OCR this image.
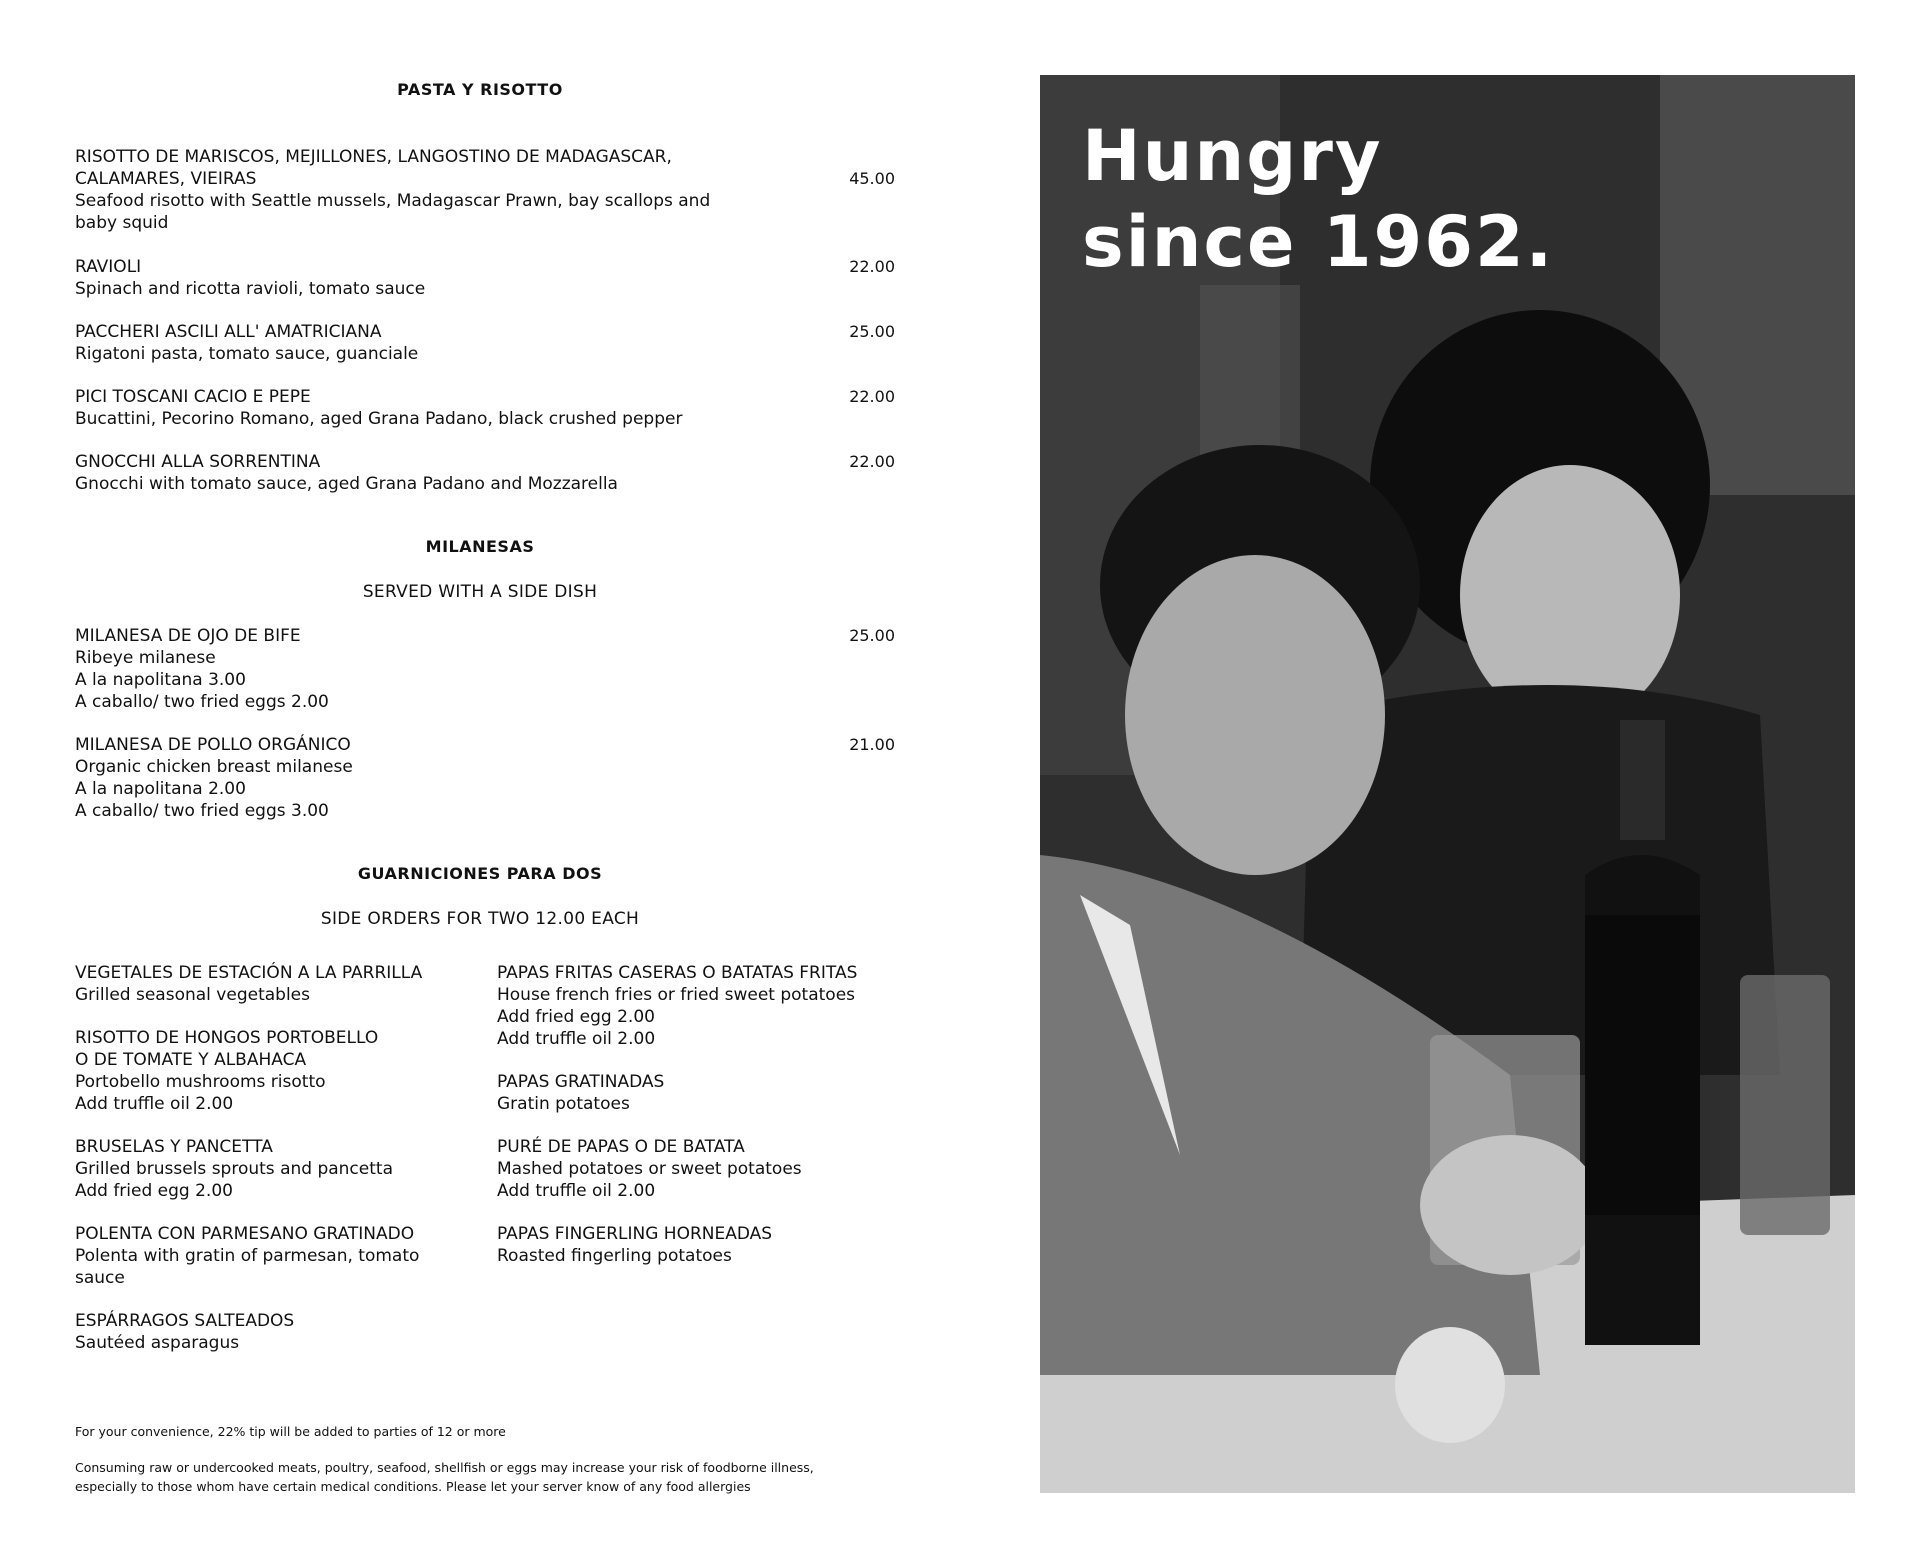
PASTA Y RISOTTO
RISOTTO DE MARISCOS, MEJILLONES, LANGOSTINO DE MADAGASCAR, CALAMARES, VIEIRAS
Seafood risotto with Seattle mussels, Madagascar Prawn, bay scallops and baby squid
45.00
RAVIOLI
Spinach and ricotta ravioli, tomato sauce
22.00
PACCHERI ASCILI ALL' AMATRICIANA
Rigatoni pasta, tomato sauce, guanciale
25.00
PICI TOSCANI CACIO E PEPE
Bucattini, Pecorino Romano, aged Grana Padano, black crushed pepper
22.00
GNOCCHI ALLA SORRENTINA
Gnocchi with tomato sauce, aged Grana Padano and Mozzarella
22.00
MILANESAS
SERVED WITH A SIDE DISH
MILANESA DE OJO DE BIFE
Ribeye milanese
A la napolitana 3.00
A caballo/ two fried eggs 2.00
25.00
MILANESA DE POLLO ORGÁNICO
Organic chicken breast milanese
A la napolitana 2.00
A caballo/ two fried eggs 3.00
21.00
GUARNICIONES PARA DOS
SIDE ORDERS FOR TWO 12.00 EACH
VEGETALES DE ESTACIÓN A LA PARRILLA
Grilled seasonal vegetables
RISOTTO DE HONGOS PORTOBELLO
O DE TOMATE Y ALBAHACA
Portobello mushrooms risotto
Add truffle oil 2.00
BRUSELAS Y PANCETTA
Grilled brussels sprouts and pancetta
Add fried egg 2.00
POLENTA CON PARMESANO GRATINADO
Polenta with gratin of parmesan, tomato
sauce
ESPÁRRAGOS SALTEADOS
Sautéed asparagus
PAPAS FRITAS CASERAS O BATATAS FRITAS
House french fries or fried sweet potatoes
Add fried egg 2.00
Add truffle oil 2.00
PAPAS GRATINADAS
Gratin potatoes
PURÉ DE PAPAS O DE BATATA
Mashed potatoes or sweet potatoes
Add truffle oil 2.00
PAPAS FINGERLING HORNEADAS
Roasted fingerling potatoes
For your convenience, 22% tip will be added to parties of 12 or more
Consuming raw or undercooked meats, poultry, seafood, shellfish or eggs may increase your risk of foodborne illness,
especially to those whom have certain medical conditions. Please let your server know of any food allergies
Hungry
since 1962.
